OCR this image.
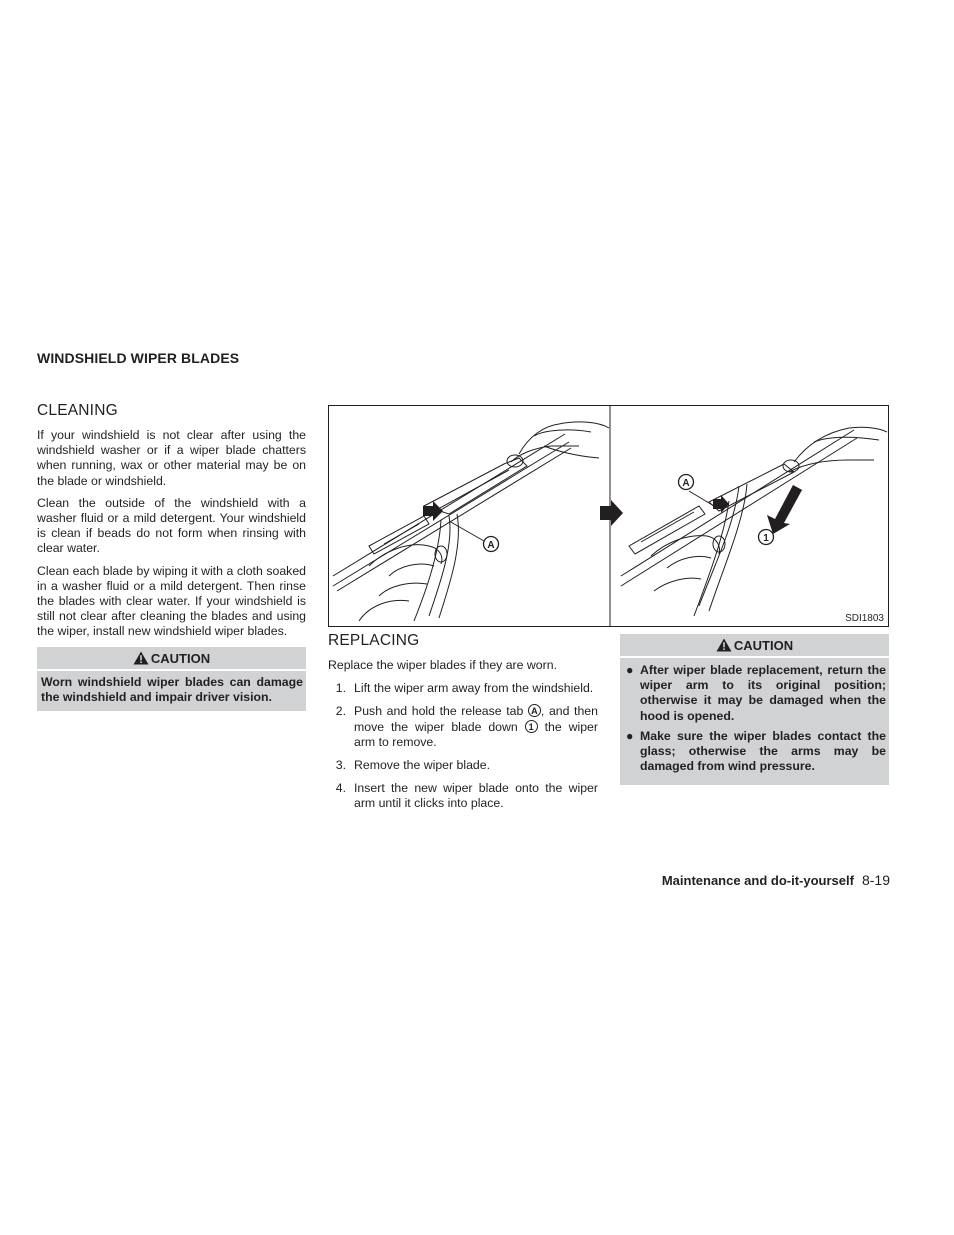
WINDSHIELD WIPER BLADES
CLEANING

If your windshield is not clear after using the windshield washer or if a wiper blade chatters when running, wax or other material may be on the blade or windshield.

Clean the outside of the windshield with a washer fluid or a mild detergent. Your windshield is clean if beads do not form when rinsing with clear water.

Clean each blade by wiping it with a cloth soaked in a washer fluid or a mild detergent. Then rinse the blades with clear water. If your windshield is still not clear after cleaning the blades and using the wiper, install new windshield wiper blades.

CAUTION
Worn windshield wiper blades can damage the windshield and impair driver vision.
A
A
1
SDI1803
REPLACING

Replace the wiper blades if they are worn.

1. Lift the wiper arm away from the windshield.
2. Push and hold the release tab A , and then move the wiper blade down 1 the wiper arm to remove.
3. Remove the wiper blade.
4. Insert the new wiper blade onto the wiper arm until it clicks into place.
CAUTION
● After wiper blade replacement, return the wiper arm to its original position; otherwise it may be damaged when the hood is opened.
● Make sure the wiper blades contact the glass; otherwise the arms may be damaged from wind pressure.
Maintenance and do-it-yourself 8-19
